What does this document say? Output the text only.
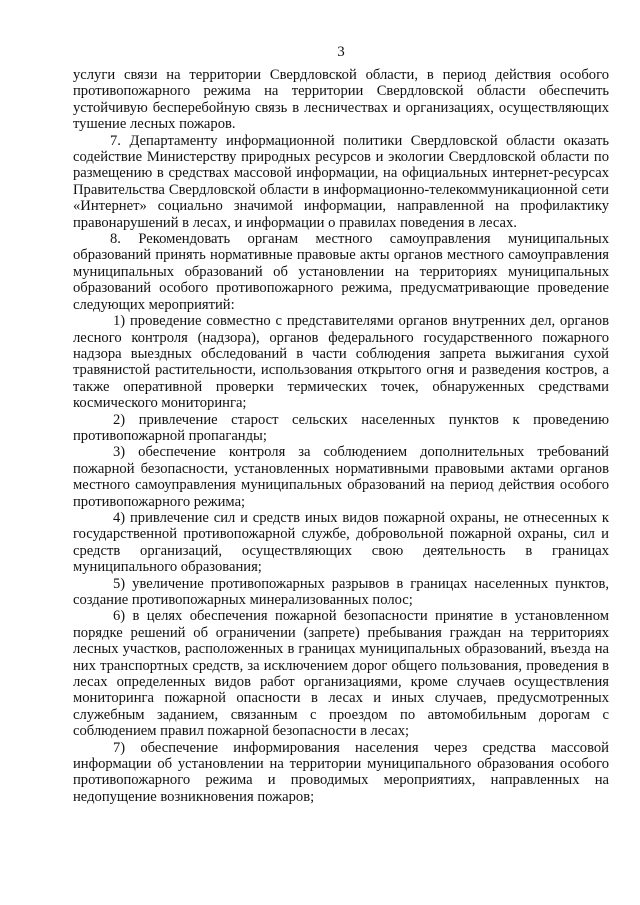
3

услуги связи на территории Свердловской области, в период действия особого противопожарного режима на территории Свердловской области обеспечить устойчивую бесперебойную связь в лесничествах и организациях, осуществляющих тушение лесных пожаров.

7. Департаменту информационной политики Свердловской области оказать содействие Министерству природных ресурсов и экологии Свердловской области по размещению в средствах массовой информации, на официальных интернет-ресурсах Правительства Свердловской области в информационно-телекоммуникационной сети «Интернет» социально значимой информации, направленной на профилактику правонарушений в лесах, и информации о правилах поведения в лесах.

8. Рекомендовать органам местного самоуправления муниципальных образований принять нормативные правовые акты органов местного самоуправления муниципальных образований об установлении на территориях муниципальных образований особого противопожарного режима, предусматривающие проведение следующих мероприятий:

1) проведение совместно с представителями органов внутренних дел, органов лесного контроля (надзора), органов федерального государственного пожарного надзора выездных обследований в части соблюдения запрета выжигания сухой травянистой растительности, использования открытого огня и разведения костров, а также оперативной проверки термических точек, обнаруженных средствами космического мониторинга;

2) привлечение старост сельских населенных пунктов к проведению противопожарной пропаганды;

3) обеспечение контроля за соблюдением дополнительных требований пожарной безопасности, установленных нормативными правовыми актами органов местного самоуправления муниципальных образований на период действия особого противопожарного режима;

4) привлечение сил и средств иных видов пожарной охраны, не отнесенных к государственной противопожарной службе, добровольной пожарной охраны, сил и средств организаций, осуществляющих свою деятельность в границах муниципального образования;

5) увеличение противопожарных разрывов в границах населенных пунктов, создание противопожарных минерализованных полос;

6) в целях обеспечения пожарной безопасности принятие в установленном порядке решений об ограничении (запрете) пребывания граждан на территориях лесных участков, расположенных в границах муниципальных образований, въезда на них транспортных средств, за исключением дорог общего пользования, проведения в лесах определенных видов работ организациями, кроме случаев осуществления мониторинга пожарной опасности в лесах и иных случаев, предусмотренных служебным заданием, связанным с проездом по автомобильным дорогам с соблюдением правил пожарной безопасности в лесах;

7) обеспечение информирования населения через средства массовой информации об установлении на территории муниципального образования особого противопожарного режима и проводимых мероприятиях, направленных на недопущение возникновения пожаров;
